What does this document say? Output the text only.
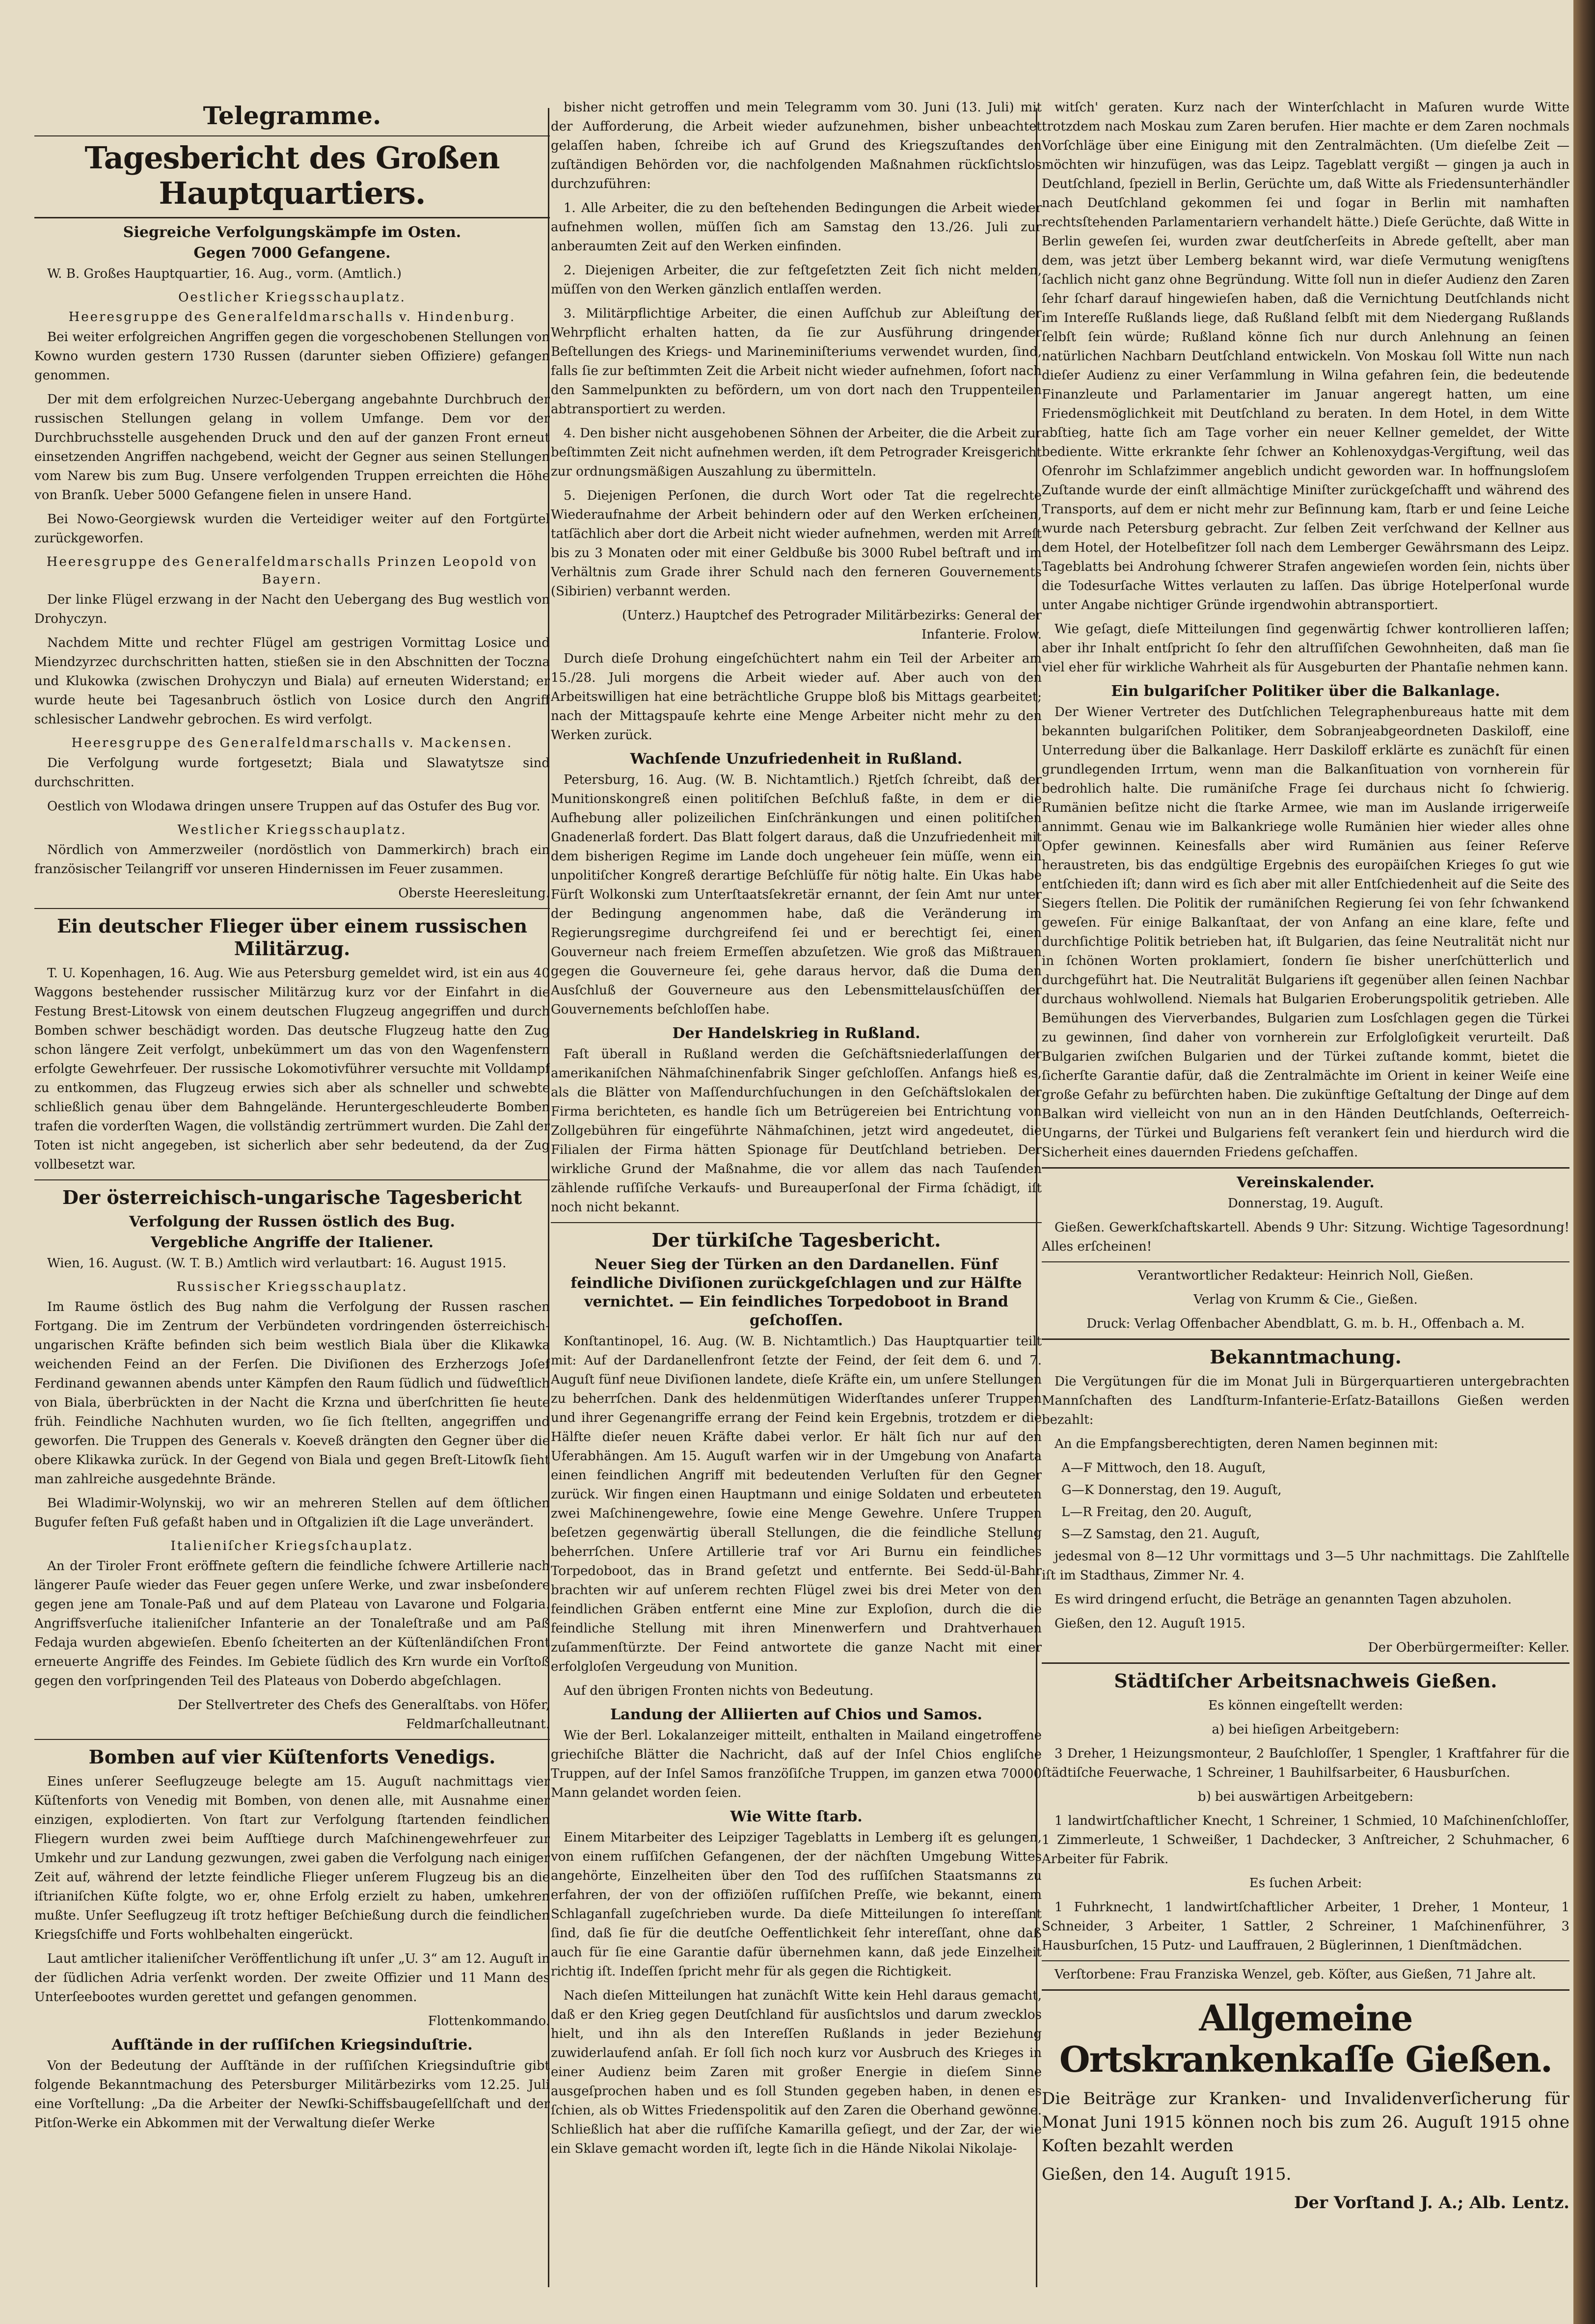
Telegramme.
Tagesbericht des Großen Hauptquartiers.
Siegreiche Verfolgungskämpfe im Osten.
Gegen 7000 Gefangene.

W. B. Großes Hauptquartier, 16. Aug., vorm. (Amtlich.)

Oestlicher Kriegsschauplatz.
Heeresgruppe des Generalfeldmarschalls v. Hindenburg.

Bei weiter erfolgreichen Angriffen gegen die vorgeschobenen Stellungen von Kowno wurden gestern 1730 Russen (darunter sieben Offiziere) gefangen genommen.

Der mit dem erfolgreichen Nurzec-Uebergang angebahnte Durchbruch der russischen Stellungen gelang in vollem Umfange. Dem vor der Durchbruchsstelle ausgehenden Druck und den auf der ganzen Front erneut einsetzenden Angriffen nachgebend, weicht der Gegner aus seinen Stellungen vom Narew bis zum Bug. Unsere verfolgenden Truppen erreichten die Höhe von Branſk. Ueber 5000 Gefangene fielen in unsere Hand.

Bei Nowo-Georgiewsk wurden die Verteidiger weiter auf den Fortgürtel zurückgeworfen.

Heeresgruppe des Generalfeldmarschalls Prinzen Leopold von Bayern.

Der linke Flügel erzwang in der Nacht den Uebergang des Bug westlich von Drohyczyn.

Nachdem Mitte und rechter Flügel am gestrigen Vormittag Losice und Miendzyrzec durchschritten hatten, stießen sie in den Abschnitten der Toczna und Klukowka (zwischen Drohyczyn und Biala) auf erneuten Widerstand; er wurde heute bei Tagesanbruch östlich von Losice durch den Angriff schlesischer Landwehr gebrochen. Es wird verfolgt.

Heeresgruppe des Generalfeldmarschalls v. Mackensen.

Die Verfolgung wurde fortgesetzt; Biala und Slawatytsze sind durchschritten.

Oestlich von Wlodawa dringen unsere Truppen auf das Ostufer des Bug vor.

Westlicher Kriegsschauplatz.

Nördlich von Ammerzweiler (nordöstlich von Dammerkirch) brach ein französischer Teilangriff vor unseren Hindernissen im Feuer zusammen.

Oberste Heeresleitung.

Ein deutscher Flieger über einem russischen Militärzug.

T. U. Kopenhagen, 16. Aug. Wie aus Petersburg gemeldet wird, ist ein aus 40 Waggons bestehender russischer Militärzug kurz vor der Einfahrt in die Festung Brest-Litowsk von einem deutschen Flugzeug angegriffen und durch Bomben schwer beschädigt worden. Das deutsche Flugzeug hatte den Zug schon längere Zeit verfolgt, unbekümmert um das von den Wagenfenstern erfolgte Gewehrfeuer. Der russische Lokomotivführer versuchte mit Volldampf zu entkommen, das Flugzeug erwies sich aber als schneller und schwebte schließlich genau über dem Bahngelände. Heruntergeschleuderte Bomben trafen die vorderſten Wagen, die vollständig zertrümmert wurden. Die Zahl der Toten ist nicht angegeben, ist sicherlich aber sehr bedeutend, da der Zug vollbesetzt war.

Der österreichisch-ungarische Tagesbericht
Verfolgung der Russen östlich des Bug.
Vergebliche Angriffe der Italiener.

Wien, 16. August. (W. T. B.) Amtlich wird verlautbart: 16. August 1915.

Russischer Kriegsschauplatz.

Im Raume östlich des Bug nahm die Verfolgung der Russen raschen Fortgang. Die im Zentrum der Verbündeten vordringenden österreichisch-ungarischen Kräfte befinden sich beim westlich Biala über die Klikawka weichenden Feind an der Ferſen. Die Diviſionen des Erzherzogs Joſef Ferdinand gewannen abends unter Kämpfen den Raum ſüdlich und ſüdweſtlich von Biala, überbrückten in der Nacht die Krzna und überſchritten ſie heute früh. Feindliche Nachhuten wurden, wo ſie ſich ſtellten, angegriffen und geworfen. Die Truppen des Generals v. Koeveß drängten den Gegner über die obere Klikawka zurück. In der Gegend von Biala und gegen Breſt-Litowſk ſieht man zahlreiche ausgedehnte Brände.

Bei Wladimir-Wolynskij, wo wir an mehreren Stellen auf dem öſtlichen Bugufer feſten Fuß gefaßt haben und in Oſtgalizien iſt die Lage unverändert.

Italieniſcher Kriegsſchauplatz.

An der Tiroler Front eröffnete geſtern die feindliche ſchwere Artillerie nach längerer Pauſe wieder das Feuer gegen unſere Werke, und zwar insbeſondere gegen jene am Tonale-Paß und auf dem Plateau von Lavarone und Folgaria. Angriffsverſuche italieniſcher Infanterie an der Tonaleſtraße und am Paß Fedaja wurden abgewieſen. Ebenſo ſcheiterten an der Küſtenländiſchen Front erneuerte Angriffe des Feindes. Im Gebiete ſüdlich des Krn wurde ein Vorſtoß gegen den vorſpringenden Teil des Plateaus von Doberdo abgeſchlagen.

Der Stellvertreter des Chefs des Generalſtabs. von Höfer, Feldmarſchalleutnant.

Bomben auf vier Küſtenforts Venedigs.

Eines unſerer Seeflugzeuge belegte am 15. Auguſt nachmittags vier Küſtenforts von Venedig mit Bomben, von denen alle, mit Ausnahme einer einzigen, explodierten. Von ſtart zur Verfolgung ſtartenden feindlichen Fliegern wurden zwei beim Aufſtiege durch Maſchinengewehrfeuer zur Umkehr und zur Landung gezwungen, zwei gaben die Verfolgung nach einiger Zeit auf, während der letzte feindliche Flieger unſerem Flugzeug bis an die iſtrianiſchen Küſte folgte, wo er, ohne Erfolg erzielt zu haben, umkehren mußte. Unſer Seeflugzeug iſt trotz heftiger Beſchießung durch die feindlichen Kriegsſchiffe und Forts wohlbehalten eingerückt.

Laut amtlicher italieniſcher Veröffentlichung iſt unſer „U. 3“ am 12. Auguſt in der ſüdlichen Adria verſenkt worden. Der zweite Offizier und 11 Mann des Unterſeebootes wurden gerettet und gefangen genommen.

Flottenkommando.

Aufſtände in der ruſſiſchen Kriegsinduſtrie.

Von der Bedeutung der Aufſtände in der ruſſiſchen Kriegsinduſtrie gibt folgende Bekanntmachung des Petersburger Militärbezirks vom 12.25. Juli eine Vorſtellung: „Da die Arbeiter der Newſki-Schiffsbaugeſellſchaft und der Pitſon-Werke ein Abkommen mit der Verwaltung dieſer Werke

bisher nicht getroffen und mein Telegramm vom 30. Juni (13. Juli) mit der Aufforderung, die Arbeit wieder aufzunehmen, bisher unbeachtet gelaſſen haben, ſchreibe ich auf Grund des Kriegszuſtandes den zuſtändigen Behörden vor, die nachfolgenden Maßnahmen rückſichtslos durchzuführen:

1. Alle Arbeiter, die zu den beſtehenden Bedingungen die Arbeit wieder aufnehmen wollen, müſſen ſich am Samstag den 13./26. Juli zur anberaumten Zeit auf den Werken einfinden.

2. Diejenigen Arbeiter, die zur feſtgeſetzten Zeit ſich nicht melden, müſſen von den Werken gänzlich entlaſſen werden.

3. Militärpflichtige Arbeiter, die einen Aufſchub zur Ableiſtung der Wehrpflicht erhalten hatten, da ſie zur Ausführung dringender Beſtellungen des Kriegs- und Marineminiſteriums verwendet wurden, ſind, falls ſie zur beſtimmten Zeit die Arbeit nicht wieder aufnehmen, ſofort nach den Sammelpunkten zu befördern, um von dort nach den Truppenteilen abtransportiert zu werden.

4. Den bisher nicht ausgehobenen Söhnen der Arbeiter, die die Arbeit zur beſtimmten Zeit nicht aufnehmen werden, iſt dem Petrograder Kreisgericht zur ordnungsmäßigen Auszahlung zu übermitteln.

5. Diejenigen Perſonen, die durch Wort oder Tat die regelrechte Wiederaufnahme der Arbeit behindern oder auf den Werken erſcheinen, tatſächlich aber dort die Arbeit nicht wieder aufnehmen, werden mit Arreſt bis zu 3 Monaten oder mit einer Geldbuße bis 3000 Rubel beſtraft und im Verhältnis zum Grade ihrer Schuld nach den ferneren Gouvernements (Sibirien) verbannt werden.

(Unterz.) Hauptchef des Petrograder Militärbezirks: General der Infanterie. Frolow.

Durch dieſe Drohung eingeſchüchtert nahm ein Teil der Arbeiter am 15./28. Juli morgens die Arbeit wieder auf. Aber auch von den Arbeitswilligen hat eine beträchtliche Gruppe bloß bis Mittags gearbeitet; nach der Mittagspauſe kehrte eine Menge Arbeiter nicht mehr zu den Werken zurück.

Wachſende Unzufriedenheit in Rußland.

Petersburg, 16. Aug. (W. B. Nichtamtlich.) Rjetſch ſchreibt, daß der Munitionskongreß einen politiſchen Beſchluß faßte, in dem er die Aufhebung aller polizeilichen Einſchränkungen und einen politiſchen Gnadenerlaß fordert. Das Blatt folgert daraus, daß die Unzufriedenheit mit dem bisherigen Regime im Lande doch ungeheuer ſein müſſe, wenn ein unpolitiſcher Kongreß derartige Beſchlüſſe für nötig halte. Ein Ukas habe Fürſt Wolkonski zum Unterſtaatsſekretär ernannt, der ſein Amt nur unter der Bedingung angenommen habe, daß die Veränderung im Regierungsregime durchgreifend ſei und er berechtigt ſei, einen Gouverneur nach freiem Ermeſſen abzuſetzen. Wie groß das Mißtrauen gegen die Gouverneure ſei, gehe daraus hervor, daß die Duma den Ausſchluß der Gouverneure aus den Lebensmittelausſchüſſen der Gouvernements beſchloſſen habe.

Der Handelskrieg in Rußland.

Faſt überall in Rußland werden die Geſchäftsniederlaſſungen der amerikaniſchen Nähmaſchinenfabrik Singer geſchloſſen. Anfangs hieß es, als die Blätter von Maſſendurchſuchungen in den Geſchäftslokalen der Firma berichteten, es handle ſich um Betrügereien bei Entrichtung von Zollgebühren für eingeführte Nähmaſchinen, jetzt wird angedeutet, die Filialen der Firma hätten Spionage für Deutſchland betrieben. Der wirkliche Grund der Maßnahme, die vor allem das nach Tauſenden zählende ruſſiſche Verkaufs- und Bureauperſonal der Firma ſchädigt, iſt noch nicht bekannt.

Der türkiſche Tagesbericht.
Neuer Sieg der Türken an den Dardanellen. Fünf feindliche Diviſionen zurückgeſchlagen und zur Hälfte vernichtet. — Ein feindliches Torpedoboot in Brand geſchoſſen.

Konſtantinopel, 16. Aug. (W. B. Nichtamtlich.) Das Hauptquartier teilt mit: Auf der Dardanellenfront ſetzte der Feind, der ſeit dem 6. und 7. Auguſt fünf neue Diviſionen landete, dieſe Kräfte ein, um unſere Stellungen zu beherrſchen. Dank des heldenmütigen Widerſtandes unſerer Truppen und ihrer Gegenangriffe errang der Feind kein Ergebnis, trotzdem er die Hälfte dieſer neuen Kräfte dabei verlor. Er hält ſich nur auf den Uferabhängen. Am 15. Auguſt warfen wir in der Umgebung von Anafarta einen feindlichen Angriff mit bedeutenden Verluſten für den Gegner zurück. Wir fingen einen Hauptmann und einige Soldaten und erbeuteten zwei Maſchinengewehre, ſowie eine Menge Gewehre. Unſere Truppen beſetzen gegenwärtig überall Stellungen, die die feindliche Stellung beherrſchen. Unſere Artillerie traf vor Ari Burnu ein feindliches Torpedoboot, das in Brand geſetzt und entfernte. Bei Sedd-ül-Bahr brachten wir auf unſerem rechten Flügel zwei bis drei Meter von den feindlichen Gräben entfernt eine Mine zur Exploſion, durch die die feindliche Stellung mit ihren Minenwerfern und Drahtverhauen zuſammenſtürzte. Der Feind antwortete die ganze Nacht mit einer erfolgloſen Vergeudung von Munition.

Auf den übrigen Fronten nichts von Bedeutung.

Landung der Alliierten auf Chios und Samos.

Wie der Berl. Lokalanzeiger mitteilt, enthalten in Mailand eingetroffene griechiſche Blätter die Nachricht, daß auf der Inſel Chios engliſche Truppen, auf der Inſel Samos franzöſiſche Truppen, im ganzen etwa 70000 Mann gelandet worden ſeien.

Wie Witte ſtarb.

Einem Mitarbeiter des Leipziger Tageblatts in Lemberg iſt es gelungen, von einem ruſſiſchen Gefangenen, der der nächſten Umgebung Wittes angehörte, Einzelheiten über den Tod des ruſſiſchen Staatsmanns zu erfahren, der von der offiziöſen ruſſiſchen Preſſe, wie bekannt, einem Schlaganfall zugeſchrieben wurde. Da dieſe Mitteilungen ſo intereſſant ſind, daß ſie für die deutſche Oeffentlichkeit ſehr intereſſant, ohne daß auch für ſie eine Garantie dafür übernehmen kann, daß jede Einzelheit richtig iſt. Indeſſen ſpricht mehr für als gegen die Richtigkeit.

Nach dieſen Mitteilungen hat zunächſt Witte kein Hehl daraus gemacht, daß er den Krieg gegen Deutſchland für ausſichtslos und darum zwecklos hielt, und ihn als den Intereſſen Rußlands in jeder Beziehung zuwiderlaufend anſah. Er ſoll ſich noch kurz vor Ausbruch des Krieges in einer Audienz beim Zaren mit großer Energie in dieſem Sinne ausgeſprochen haben und es ſoll Stunden gegeben haben, in denen es ſchien, als ob Wittes Friedenspolitik auf den Zaren die Oberhand gewönne. Schließlich hat aber die ruſſiſche Kamarilla geſiegt, und der Zar, der wie ein Sklave gemacht worden iſt, legte ſich in die Hände Nikolai Nikolaje-

witſch' geraten. Kurz nach der Winterſchlacht in Maſuren wurde Witte trotzdem nach Moskau zum Zaren berufen. Hier machte er dem Zaren nochmals Vorſchläge über eine Einigung mit den Zentralmächten. (Um dieſelbe Zeit — möchten wir hinzufügen, was das Leipz. Tageblatt vergißt — gingen ja auch in Deutſchland, ſpeziell in Berlin, Gerüchte um, daß Witte als Friedensunterhändler nach Deutſchland gekommen ſei und ſogar in Berlin mit namhaften rechtsſtehenden Parlamentariern verhandelt hätte.) Dieſe Gerüchte, daß Witte in Berlin geweſen ſei, wurden zwar deutſcherſeits in Abrede geſtellt, aber man dem, was jetzt über Lemberg bekannt wird, war dieſe Vermutung wenigſtens ſachlich nicht ganz ohne Begründung. Witte ſoll nun in dieſer Audienz den Zaren ſehr ſcharf darauf hingewieſen haben, daß die Vernichtung Deutſchlands nicht im Intereſſe Rußlands liege, daß Rußland ſelbſt mit dem Niedergang Rußlands ſelbſt ſein würde; Rußland könne ſich nur durch Anlehnung an ſeinen natürlichen Nachbarn Deutſchland entwickeln. Von Moskau ſoll Witte nun nach dieſer Audienz zu einer Verſammlung in Wilna gefahren ſein, die bedeutende Finanzleute und Parlamentarier im Januar angeregt hatten, um eine Friedensmöglichkeit mit Deutſchland zu beraten. In dem Hotel, in dem Witte abſtieg, hatte ſich am Tage vorher ein neuer Kellner gemeldet, der Witte bediente. Witte erkrankte ſehr ſchwer an Kohlenoxydgas-Vergiftung, weil das Ofenrohr im Schlafzimmer angeblich undicht geworden war. In hoffnungsloſem Zuſtande wurde der einſt allmächtige Miniſter zurückgeſchafft und während des Transports, auf dem er nicht mehr zur Beſinnung kam, ſtarb er und ſeine Leiche wurde nach Petersburg gebracht. Zur ſelben Zeit verſchwand der Kellner aus dem Hotel, der Hotelbeſitzer ſoll nach dem Lemberger Gewährsmann des Leipz. Tageblatts bei Androhung ſchwerer Strafen angewieſen worden ſein, nichts über die Todesurſache Wittes verlauten zu laſſen. Das übrige Hotelperſonal wurde unter Angabe nichtiger Gründe irgendwohin abtransportiert.

Wie geſagt, dieſe Mitteilungen ſind gegenwärtig ſchwer kontrollieren laſſen; aber ihr Inhalt entſpricht ſo ſehr den altruſſiſchen Gewohnheiten, daß man ſie viel eher für wirkliche Wahrheit als für Ausgeburten der Phantaſie nehmen kann.

Ein bulgariſcher Politiker über die Balkanlage.

Der Wiener Vertreter des Dutſchlichen Telegraphenbureaus hatte mit dem bekannten bulgariſchen Politiker, dem Sobranjeabgeordneten Daskiloff, eine Unterredung über die Balkanlage. Herr Daskiloff erklärte es zunächſt für einen grundlegenden Irrtum, wenn man die Balkanſituation von vornherein für bedrohlich halte. Die rumäniſche Frage ſei durchaus nicht ſo ſchwierig. Rumänien beſitze nicht die ſtarke Armee, wie man im Auslande irrigerweiſe annimmt. Genau wie im Balkankriege wolle Rumänien hier wieder alles ohne Opfer gewinnen. Keinesfalls aber wird Rumänien aus ſeiner Reſerve heraustreten, bis das endgültige Ergebnis des europäiſchen Krieges ſo gut wie entſchieden iſt; dann wird es ſich aber mit aller Entſchiedenheit auf die Seite des Siegers ſtellen. Die Politik der rumäniſchen Regierung ſei von ſehr ſchwankend geweſen. Für einige Balkanſtaat, der von Anfang an eine klare, feſte und durchſichtige Politik betrieben hat, iſt Bulgarien, das ſeine Neutralität nicht nur in ſchönen Worten proklamiert, ſondern ſie bisher unerſchütterlich und durchgeführt hat. Die Neutralität Bulgariens iſt gegenüber allen ſeinen Nachbar durchaus wohlwollend. Niemals hat Bulgarien Eroberungspolitik getrieben. Alle Bemühungen des Vierverbandes, Bulgarien zum Losſchlagen gegen die Türkei zu gewinnen, ſind daher von vornherein zur Erfolgloſigkeit verurteilt. Daß Bulgarien zwiſchen Bulgarien und der Türkei zuſtande kommt, bietet die ſicherſte Garantie dafür, daß die Zentralmächte im Orient in keiner Weiſe eine große Gefahr zu befürchten haben. Die zukünftige Geſtaltung der Dinge auf dem Balkan wird vielleicht von nun an in den Händen Deutſchlands, Oeſterreich-Ungarns, der Türkei und Bulgariens feſt verankert ſein und hierdurch wird die Sicherheit eines dauernden Friedens geſchaffen.

Vereinskalender.

Donnerstag, 19. Auguſt.

Gießen. Gewerkſchaftskartell. Abends 9 Uhr: Sitzung. Wichtige Tagesordnung! Alles erſcheinen!

Verantwortlicher Redakteur: Heinrich Noll, Gießen.

Verlag von Krumm & Cie., Gießen.

Druck: Verlag Offenbacher Abendblatt, G. m. b. H., Offenbach a. M.

Bekanntmachung.

Die Vergütungen für die im Monat Juli in Bürgerquartieren untergebrachten Mannſchaften des Landſturm-Infanterie-Erſatz-Bataillons Gießen werden bezahlt:

An die Empfangsberechtigten, deren Namen beginnen mit:

A—F Mittwoch, den 18. Auguſt,

G—K Donnerstag, den 19. Auguſt,

L—R Freitag, den 20. Auguſt,

S—Z Samstag, den 21. Auguſt,

jedesmal von 8—12 Uhr vormittags und 3—5 Uhr nachmittags. Die Zahlſtelle iſt im Stadthaus, Zimmer Nr. 4.

Es wird dringend erſucht, die Beträge an genannten Tagen abzuholen.

Gießen, den 12. Auguſt 1915.

Der Oberbürgermeiſter: Keller.

Städtiſcher Arbeitsnachweis Gießen.

Es können eingeſtellt werden:

a) bei hieſigen Arbeitgebern:

3 Dreher, 1 Heizungsmonteur, 2 Bauſchloſſer, 1 Spengler, 1 Kraftfahrer für die ſtädtiſche Feuerwache, 1 Schreiner, 1 Bauhilfsarbeiter, 6 Hausburſchen.

b) bei auswärtigen Arbeitgebern:

1 landwirtſchaftlicher Knecht, 1 Schreiner, 1 Schmied, 10 Maſchinenſchloſſer, 1 Zimmerleute, 1 Schweißer, 1 Dachdecker, 3 Anſtreicher, 2 Schuhmacher, 6 Arbeiter für Fabrik.

Es ſuchen Arbeit:

1 Fuhrknecht, 1 landwirtſchaftlicher Arbeiter, 1 Dreher, 1 Monteur, 1 Schneider, 3 Arbeiter, 1 Sattler, 2 Schreiner, 1 Maſchinenführer, 3 Hausburſchen, 15 Putz- und Lauffrauen, 2 Büglerinnen, 1 Dienſtmädchen.

Verſtorbene: Frau Franziska Wenzel, geb. Köſter, aus Gießen, 71 Jahre alt.

Allgemeine Ortskrankenkaſſe Gießen.

Die Beiträge zur Kranken- und Invalidenverſicherung für Monat Juni 1915 können noch bis zum 26. Auguſt 1915 ohne Koſten bezahlt werden

Gießen, den 14. Auguſt 1915.

Der Vorſtand J. A.; Alb. Lentz.
